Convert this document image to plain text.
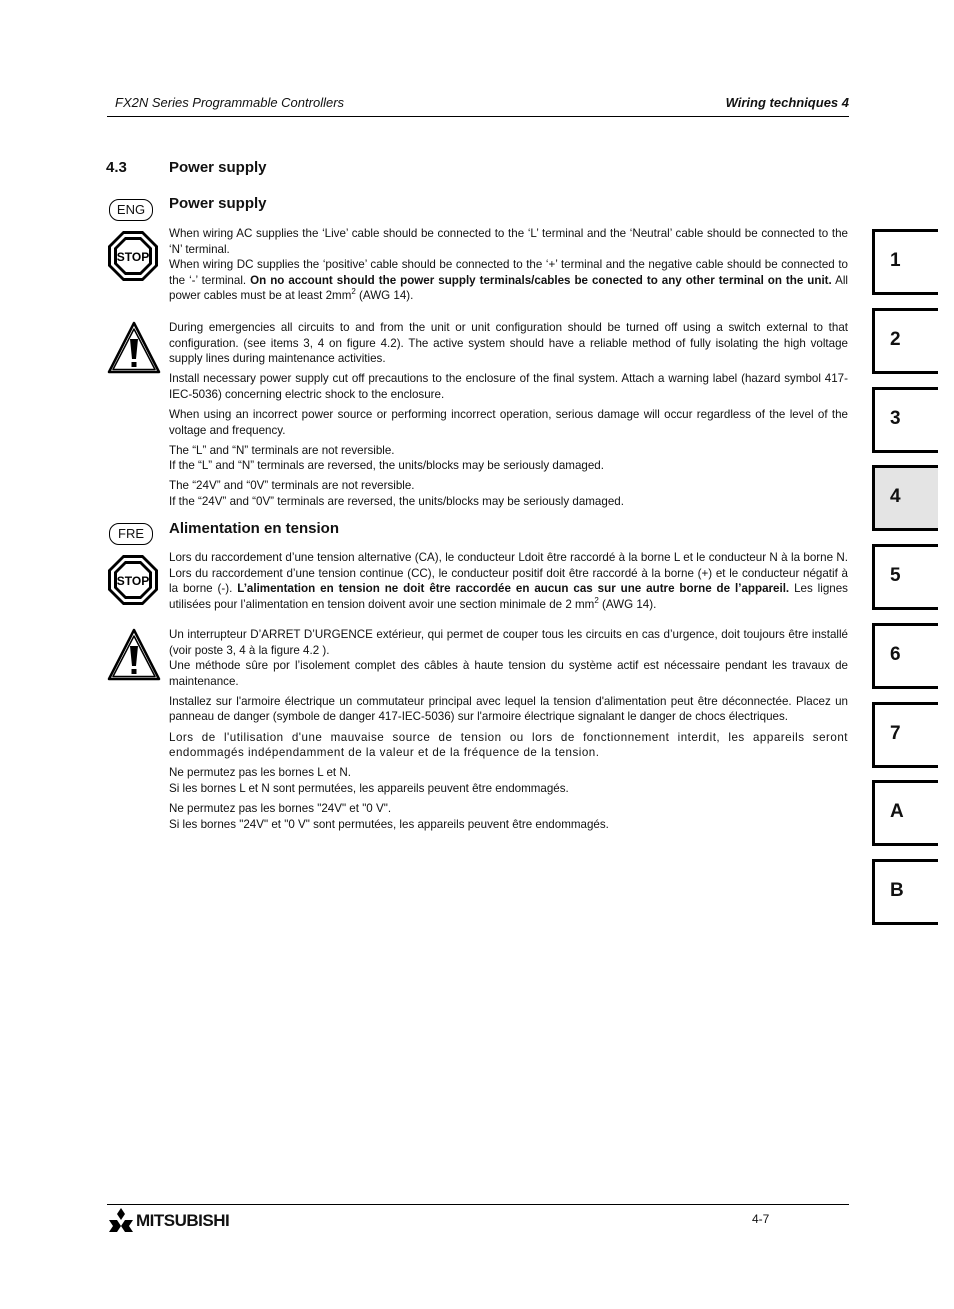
FX2N Series Programmable Controllers	Wiring techniques 4
4.3	Power supply
ENG	Power supply
STOP

When wiring AC supplies the ‘Live’ cable should be connected to the ‘L’ terminal and the ‘Neutral’ cable should be connected to the ‘N’ terminal.

When wiring DC supplies the ‘positive’ cable should be connected to the ‘+’ terminal and the negative cable should be connected to the ‘-’ terminal. On no account should the power supply terminals/cables be conected to any other terminal on the unit. All power cables must be at least $2mm^2$ (AWG 14).

During emergencies all circuits to and from the unit or unit configuration should be turned off using a switch external to that configuration. (see items 3, 4 on figure 4.2). The active system should have a reliable method of fully isolating the high voltage supply lines during maintenance activities.

Install necessary power supply cut off precautions to the enclosure of the final system. Attach a warning label (hazard symbol 417-IEC-5036) concerning electric shock to the enclosure.

When using an incorrect power source or performing incorrect operation, serious damage will occur regardless of the level of the voltage and frequency.

The “L” and “N” terminals are not reversible.

If the “L” and “N” terminals are reversed, the units/blocks may be seriously damaged.

The “24V” and “0V” terminals are not reversible.

If the “24V” and “0V” terminals are reversed, the units/blocks may be seriously damaged.

FRE	Alimentation en tension
STOP

Lors du raccordement d’une tension alternative (CA), le conducteur Ldoit être raccordé à la borne L et le conducteur N à la borne N. Lors du raccordement d’une tension continue (CC), le conducteur positif doit être raccordé à la borne (+) et le conducteur négatif à la borne (-). L’alimentation en tension ne doit être raccordée en aucun cas sur une autre borne de l’appareil. Les lignes utilisées pour l’alimentation en tension doivent avoir une section minimale de 2 $mm^2$ (AWG 14).

Un interrupteur D’ARRET D’URGENCE extérieur, qui permet de couper tous les circuits en cas d’urgence, doit toujours être installé (voir poste 3, 4 à la figure 4.2 ).

Une méthode sûre por l’isolement complet des câbles à haute tension du système actif est nécessaire pendant les travaux de maintenance.

Installez sur l'armoire électrique un commutateur principal avec lequel la tension d'alimentation peut être déconnectée. Placez un panneau de danger (symbole de danger 417-IEC-5036) sur l'armoire électrique signalant le danger de chocs électriques.

Lors de l'utilisation d'une mauvaise source de tension ou lors de fonctionnement interdit, les appareils seront endommagés indépendamment de la valeur et de la fréquence de la tension.

Ne permutez pas les bornes L et N.

Si les bornes L et N sont permutées, les appareils peuvent être endommagés.

Ne permutez pas les bornes "24V" et "0 V".

Si les bornes "24V" et "0 V" sont permutées, les appareils peuvent être endommagés.

1
2
3
4
5
6
7
A
B
MITSUBISHI	4-7
